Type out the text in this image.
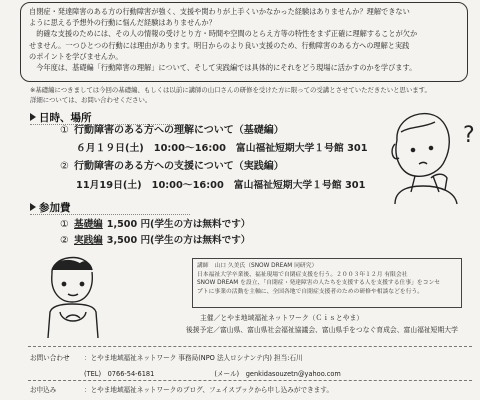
自閉症・発達障害のある方の行動障害が強く、支援や関わりが上手くいかなかった経験はありませんか？理解できない

ように思える予想外の行動に悩んだ経験はありませんか？

的確な支援のためには、その人の情報の受けとり方・時間や空間のとらえ方等の特性をまず正確に理解することが欠か

せません。一つひとつの行動には理由があります。明日からのより良い支援のため、行動障害のある方への理解と実践

のポイントを学びませんか。

今年度は、基礎編「行動障害の理解」について、そして実践編では具体的にそれをどう現場に活かすのかを学びます。

※基礎編につきましては今回の基礎編、もしくは以前に講師の山口さんの研修を受けた方に限っての受講とさせていただきたいと思います。

詳細については、お問い合わせください。

日時、場所
① 行動障害のある方への理解について（基礎編）
６月１９日(土) 10:00～16:00 富山福祉短期大学１号館 301
② 行動障害のある方への支援について（実践編）
11月19日(土) 10:00～16:00 富山福祉短期大学１号館 301
参加費
① 基礎編 1,500 円(学生の方は無料です）
② 実践編 3,500 円(学生の方は無料です）
?

講師　山口 久美氏（SNOW DREAM 同研究）

日本福祉大学卒業後、福祉現場で自閉症支援を行う。２００３年１２月 有限会社

SNOW DREAM を設立、「自閉症・発達障害の人たちを支援する人を支援する仕事」をコンセ

プトに事業の活動を主軸に、全国各地で自閉症支援者のための研修や相談などを行う。

主催／とやま地域福祉ネットワーク（Ｃｉｓとやま）
後援予定／富山県、富山県社会福祉協議会、富山県手をつなぐ育成会、富山福祉短期大学
お問い合わせ ：とやま地域福祉ネットワーク 事務局(NPO 法人ロシナンテ内) 担当:石川
(TEL)　0766-54-6181	(メール)　genkidasouzetn@yahoo.com
お申込み	：とやま地域福祉ネットワークのブログ、フェイスブックから申し込みができます。
